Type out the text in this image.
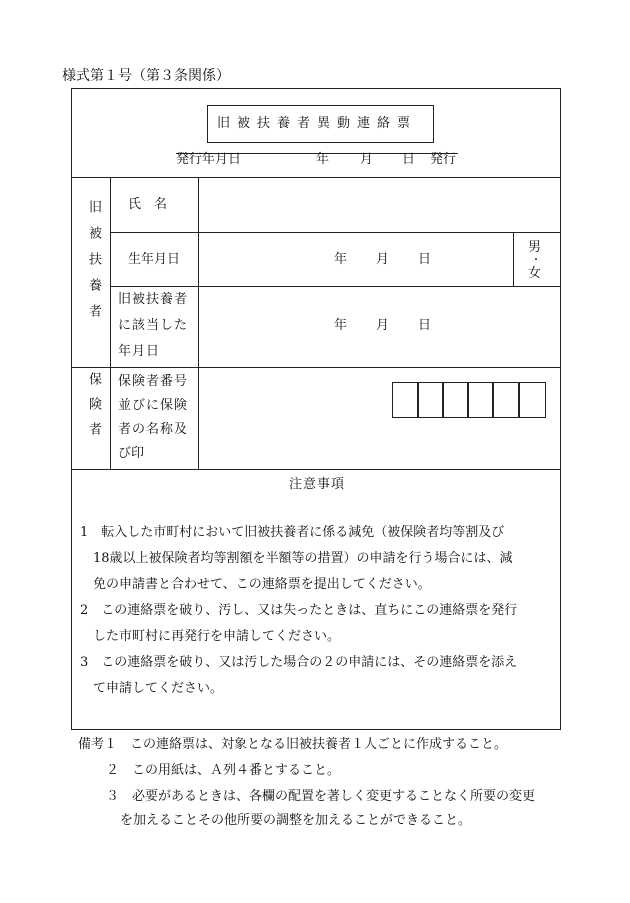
様式第１号（第３条関係）
旧被扶養者異動連絡票
発行年月日	年 月 日 発行
旧被扶養者 氏　名
生年月日	年 月 日
男
・
女
旧被扶養者
に該当した
年月日
年 月 日
保険者 保険者番号
並びに保険
者の名称及
び印
注意事項
1　転入した市町村において旧被扶養者に係る減免（被保険者均等割及び
　18歳以上被保険者均等割額を半額等の措置）の申請を行う場合には、減
　免の申請書と合わせて、この連絡票を提出してください。
2　この連絡票を破り、汚し、又は失ったときは、直ちにこの連絡票を発行
　した市町村に再発行を申請してください。
3　この連絡票を破り、又は汚した場合の２の申請には、その連絡票を添え
　て申請してください。
備考１　この連絡票は、対象となる旧被扶養者１人ごとに作成すること。
２　この用紙は、Ａ列４番とすること。
３　必要があるときは、各欄の配置を著しく変更することなく所要の変更
を加えることその他所要の調整を加えることができること。
